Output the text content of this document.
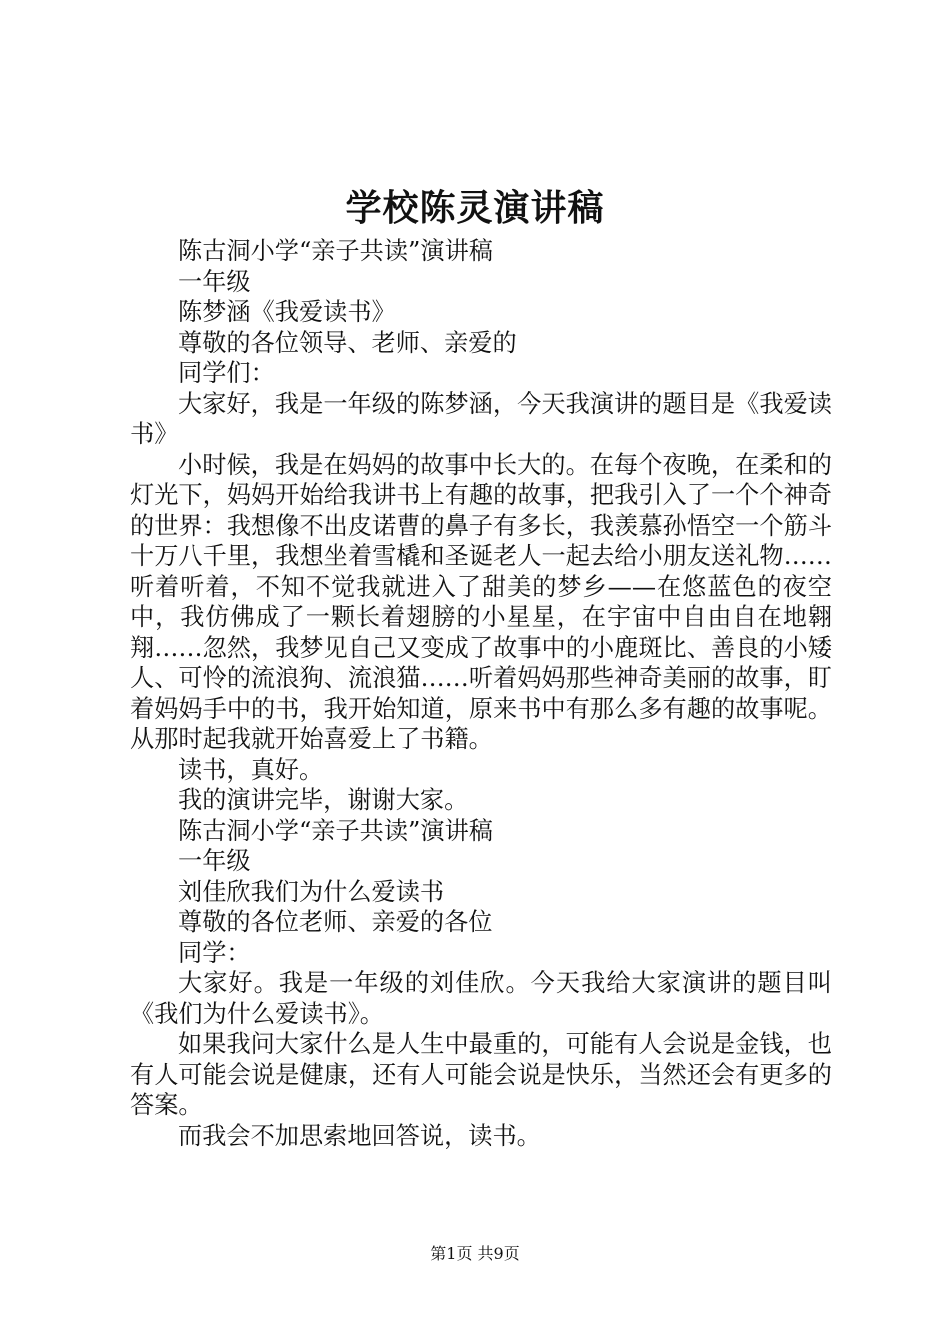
学校陈灵演讲稿

陈古洞小学“亲子共读”演讲稿

一年级

陈梦涵《我爱读书》

尊敬的各位领导、老师、亲爱的

同学们：

大家好，我是一年级的陈梦涵，今天我演讲的题目是《我爱读书》

小时候，我是在妈妈的故事中长大的。在每个夜晚，在柔和的灯光下，妈妈开始给我讲书上有趣的故事，把我引入了一个个神奇的世界：我想像不出皮诺曹的鼻子有多长，我羡慕孙悟空一个筋斗十万八千里，我想坐着雪橇和圣诞老人一起去给小朋友送礼物……听着听着，不知不觉我就进入了甜美的梦乡——在悠蓝色的夜空中，我仿佛成了一颗长着翅膀的小星星，在宇宙中自由自在地翱翔……忽然，我梦见自己又变成了故事中的小鹿斑比、善良的小矮人、可怜的流浪狗、流浪猫……听着妈妈那些神奇美丽的故事，盯着妈妈手中的书，我开始知道，原来书中有那么多有趣的故事呢。从那时起我就开始喜爱上了书籍。

读书，真好。

我的演讲完毕，谢谢大家。

陈古洞小学“亲子共读”演讲稿

一年级

刘佳欣我们为什么爱读书

尊敬的各位老师、亲爱的各位

同学：

大家好。我是一年级的刘佳欣。今天我给大家演讲的题目叫《我们为什么爱读书》。

如果我问大家什么是人生中最重的，可能有人会说是金钱，也有人可能会说是健康，还有人可能会说是快乐，当然还会有更多的答案。

而我会不加思索地回答说，读书。

第1页 共9页
